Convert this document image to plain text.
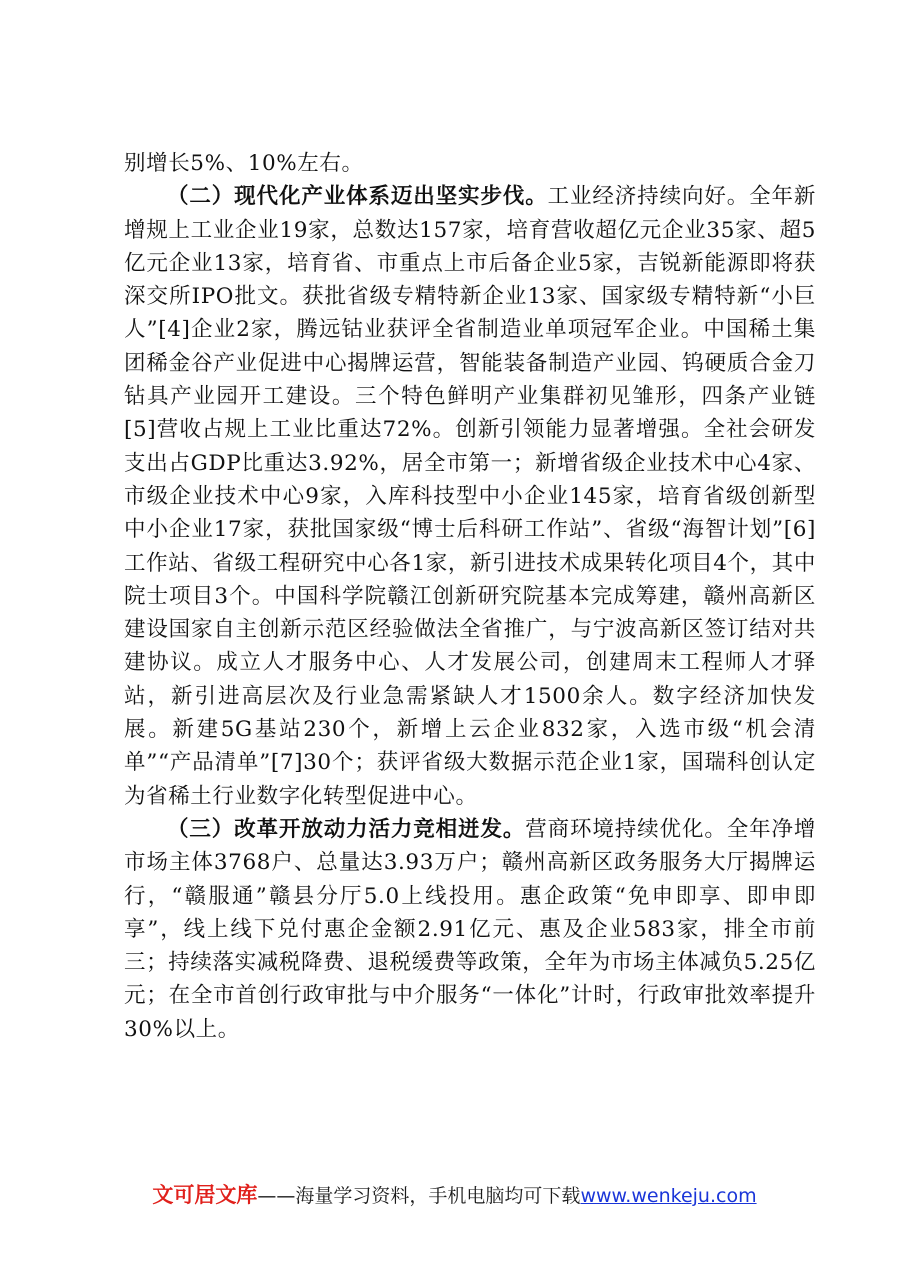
别增长5%、10%左右。

（二）现代化产业体系迈出坚实步伐。工业经济持续向好。全年新增规上工业企业19家，总数达157家，培育营收超亿元企业35家、超5亿元企业13家，培育省、市重点上市后备企业5家，吉锐新能源即将获深交所IPO批文。获批省级专精特新企业13家、国家级专精特新“小巨人”[4]企业2家，腾远钴业获评全省制造业单项冠军企业。中国稀土集团稀金谷产业促进中心揭牌运营，智能装备制造产业园、钨硬质合金刀钻具产业园开工建设。三个特色鲜明产业集群初见雏形，四条产业链[5]营收占规上工业比重达72%。创新引领能力显著增强。全社会研发支出占GDP比重达3.92%，居全市第一；新增省级企业技术中心4家、市级企业技术中心9家，入库科技型中小企业145家，培育省级创新型中小企业17家，获批国家级“博士后科研工作站”、省级“海智计划”[6]工作站、省级工程研究中心各1家，新引进技术成果转化项目4个，其中院士项目3个。中国科学院赣江创新研究院基本完成筹建，赣州高新区建设国家自主创新示范区经验做法全省推广，与宁波高新区签订结对共建协议。成立人才服务中心、人才发展公司，创建周末工程师人才驿站，新引进高层次及行业急需紧缺人才1500余人。数字经济加快发展。新建5G基站230个，新增上云企业832家，入选市级“机会清单”“产品清单”[7]30个；获评省级大数据示范企业1家，国瑞科创认定为省稀土行业数字化转型促进中心。

（三）改革开放动力活力竞相迸发。营商环境持续优化。全年净增市场主体3768户、总量达3.93万户；赣州高新区政务服务大厅揭牌运行，“赣服通”赣县分厅5.0上线投用。惠企政策“免申即享、即申即享”，线上线下兑付惠企金额2.91亿元、惠及企业583家，排全市前三；持续落实减税降费、退税缓费等政策，全年为市场主体减负5.25亿元；在全市首创行政审批与中介服务“一体化”计时，行政审批效率提升30%以上。

文可居文库——海量学习资料，手机电脑均可下载www.wenkeju.com
